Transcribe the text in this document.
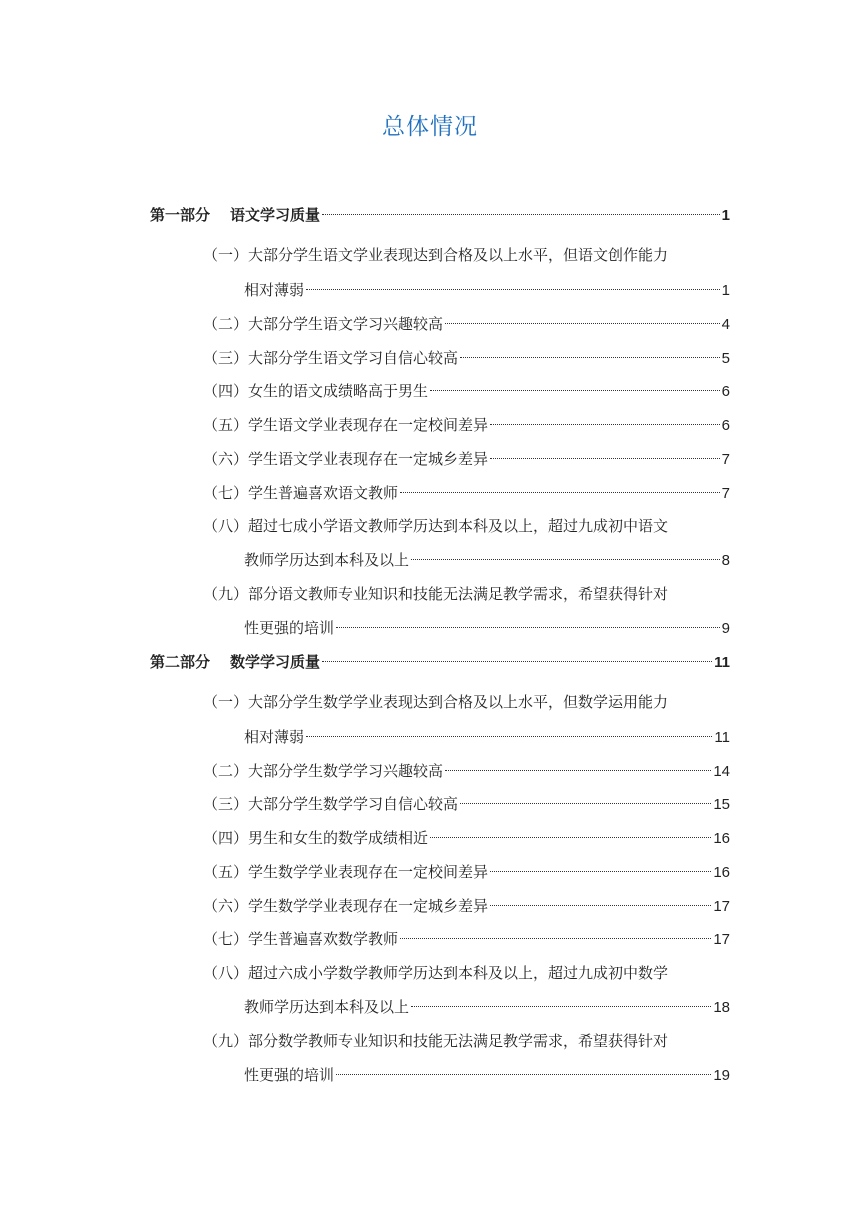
总体情况
第一部分 语文学习质量	1
（一）大部分学生语文学业表现达到合格及以上水平，但语文创作能力
相对薄弱	1
（二）大部分学生语文学习兴趣较高	4
（三）大部分学生语文学习自信心较高	5
（四）女生的语文成绩略高于男生	6
（五）学生语文学业表现存在一定校间差异	6
（六）学生语文学业表现存在一定城乡差异	7
（七）学生普遍喜欢语文教师	7
（八）超过七成小学语文教师学历达到本科及以上，超过九成初中语文
教师学历达到本科及以上	8
（九）部分语文教师专业知识和技能无法满足教学需求，希望获得针对
性更强的培训	9
第二部分 数学学习质量	11
（一）大部分学生数学学业表现达到合格及以上水平，但数学运用能力
相对薄弱	11
（二）大部分学生数学学习兴趣较高	14
（三）大部分学生数学学习自信心较高	15
（四）男生和女生的数学成绩相近	16
（五）学生数学学业表现存在一定校间差异	16
（六）学生数学学业表现存在一定城乡差异	17
（七）学生普遍喜欢数学教师	17
（八）超过六成小学数学教师学历达到本科及以上，超过九成初中数学
教师学历达到本科及以上	18
（九）部分数学教师专业知识和技能无法满足教学需求，希望获得针对
性更强的培训	19
